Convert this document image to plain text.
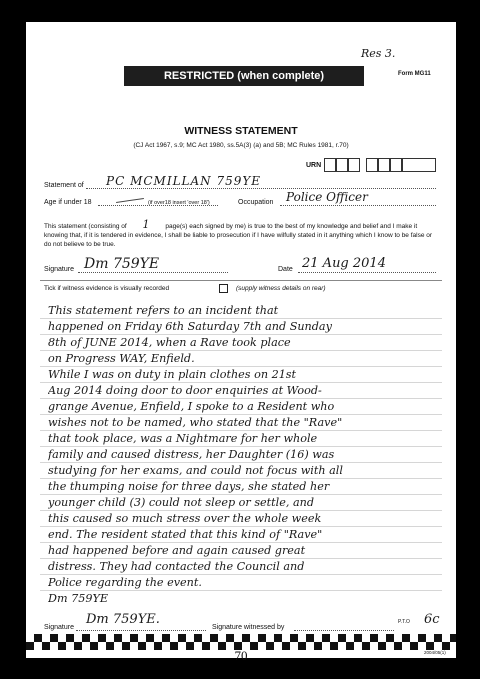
Res 3.
RESTRICTED (when complete)	Form MG11
WITNESS STATEMENT
(CJ Act 1967, s.9; MC Act 1980, ss.5A(3) (a) and 5B; MC Rules 1981, r.70)
URN
Statement of PC MCMILLAN 759YE
Age if under 18	(if over18 insert 'over 18')	Occupation Police Officer
This statement (consisting of 1 page(s) each signed by me) is true to the best of my knowledge and belief and I make it knowing that, if it is tendered in evidence, I shall be liable to prosecution if I have wilfully stated in it anything which I know to be false or do not believe to be true.
Signature Dm 759YE	Date 21 Aug 2014
Tick if witness evidence is visually recorded	(supply witness details on rear)
This statement refers to an incident that
happened on Friday 6th Saturday 7th and Sunday
8th of JUNE 2014, when a Rave took place
on Progress WAY, Enfield.
While I was on duty in plain clothes on 21st
Aug 2014 doing door to door enquiries at Wood-
grange Avenue, Enfield, I spoke to a Resident who
wishes not to be named, who stated that the "Rave"
that took place, was a Nightmare for her whole
family and caused distress, her Daughter (16) was
studying for her exams, and could not focus with all
the thumping noise for three days, she stated her
younger child (3) could not sleep or settle, and
this caused so much stress over the whole week
end. The resident stated that this kind of "Rave"
had happened before and again caused great
distress. They had contacted the Council and
Police regarding the event.
Dm 759YE
Signature
Dm 759YE.
Signature witnessed by
P.T.O 6c
70	2004/05(1)
